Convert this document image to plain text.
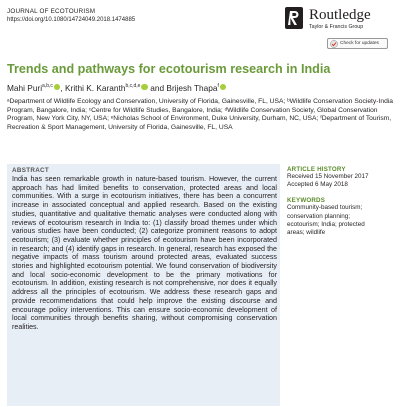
JOURNAL OF ECOTOURISM
https://doi.org/10.1080/14724049.2018.1474885	Routledge
Taylor & Francis Group
Check for updates
Trends and pathways for ecotourism research in India
Mahi Puri$^{a,b,c}$ , Krithi K. Karanth$^{b,c,d,e}$ and Brijesh Thapa$^f$
ᵃDepartment of Wildlife Ecology and Conservation, University of Florida, Gainesville, FL, USA; ᵇWildlife Conservation Society-India Program, Bangalore, India; ᶜCentre for Wildlife Studies, Bangalore, India; ᵈWildlife Conservation Society, Global Conservation Program, New York City, NY, USA; ᵉNicholas School of Environment, Duke University, Durham, NC, USA; ᶠDepartment of Tourism, Recreation & Sport Management, University of Florida, Gainesville, FL, USA
ABSTRACT
India has seen remarkable growth in nature-based tourism. However, the current approach has had limited benefits to conservation, protected areas and local communities. With a surge in ecotourism initiatives, there has been a concurrent increase in associated conceptual and applied research. Based on the existing studies, quantitative and qualitative thematic analyses were conducted along with reviews of ecotourism research in India to: (1) classify broad themes under which various studies have been conducted; (2) categorize prominent reasons to adopt ecotourism; (3) evaluate whether principles of ecotourism have been incorporated in research; and (4) identify gaps in research. In general, research has exposed the negative impacts of mass tourism around protected areas, evaluated success stories and highlighted ecotourism potential. We found conservation of biodiversity and local socio-economic development to be the primary motivations for ecotourism. In addition, existing research is not comprehensive, nor does it equally address all the principles of ecotourism. We address these research gaps and provide recommendations that could help improve the existing discourse and encourage policy interventions. This can ensure socio-economic development of local communities through benefits sharing, without compromising conservation realities.
ARTICLE HISTORY
Received 15 November 2017
Accepted 6 May 2018
KEYWORDS
Community-based tourism;
conservation planning;
ecotourism; India; protected
areas; wildlife
